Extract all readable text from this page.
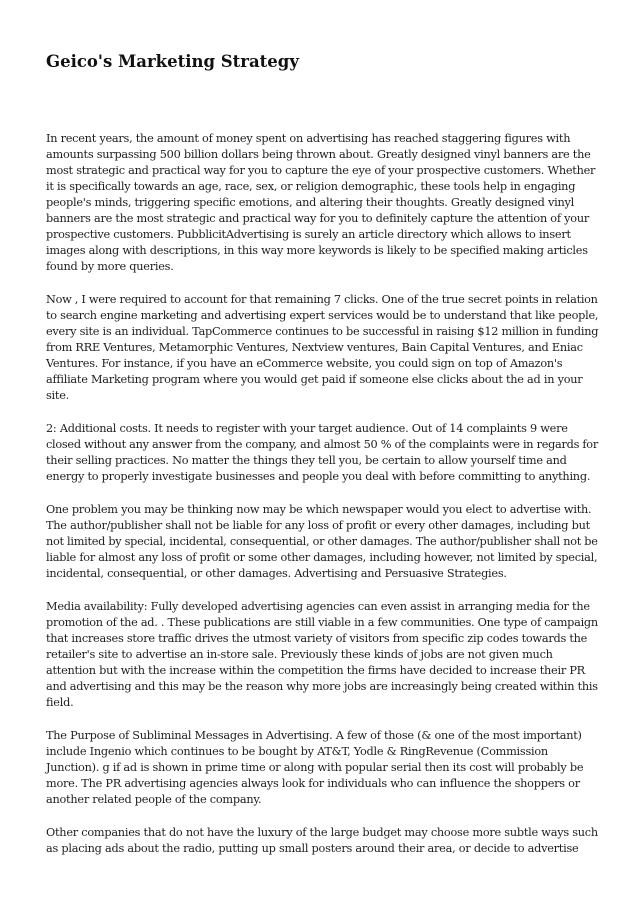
Geico's Marketing Strategy

In recent years, the amount of money spent on advertising has reached staggering figures with
amounts surpassing 500 billion dollars being thrown about. Greatly designed vinyl banners are the
most strategic and practical way for you to capture the eye of your prospective customers. Whether
it is specifically towards an age, race, sex, or religion demographic, these tools help in engaging
people's minds, triggering specific emotions, and altering their thoughts. Greatly designed vinyl
banners are the most strategic and practical way for you to definitely capture the attention of your
prospective customers. PubblicitAdvertising is surely an article directory which allows to insert
images along with descriptions, in this way more keywords is likely to be specified making articles
found by more queries.

Now , I were required to account for that remaining 7 clicks. One of the true secret points in relation
to search engine marketing and advertising expert services would be to understand that like people,
every site is an individual. TapCommerce continues to be successful in raising $12 million in funding
from RRE Ventures, Metamorphic Ventures, Nextview ventures, Bain Capital Ventures, and Eniac
Ventures. For instance, if you have an eCommerce website, you could sign on top of Amazon's
affiliate Marketing program where you would get paid if someone else clicks about the ad in your
site.

2: Additional costs. It needs to register with your target audience. Out of 14 complaints 9 were
closed without any answer from the company, and almost 50 % of the complaints were in regards for
their selling practices. No matter the things they tell you, be certain to allow yourself time and
energy to properly investigate businesses and people you deal with before committing to anything.

One problem you may be thinking now may be which newspaper would you elect to advertise with.
The author/publisher shall not be liable for any loss of profit or every other damages, including but
not limited by special, incidental, consequential, or other damages. The author/publisher shall not be
liable for almost any loss of profit or some other damages, including however, not limited by special,
incidental, consequential, or other damages. Advertising and Persuasive Strategies.

Media availability: Fully developed advertising agencies can even assist in arranging media for the
promotion of the ad. . These publications are still viable in a few communities. One type of campaign
that increases store traffic drives the utmost variety of visitors from specific zip codes towards the
retailer's site to advertise an in-store sale. Previously these kinds of jobs are not given much
attention but with the increase within the competition the firms have decided to increase their PR
and advertising and this may be the reason why more jobs are increasingly being created within this
field.

The Purpose of Subliminal Messages in Advertising. A few of those (& one of the most important)
include Ingenio which continues to be bought by AT&T, Yodle & RingRevenue (Commission
Junction). g if ad is shown in prime time or along with popular serial then its cost will probably be
more. The PR advertising agencies always look for individuals who can influence the shoppers or
another related people of the company.

Other companies that do not have the luxury of the large budget may choose more subtle ways such
as placing ads about the radio, putting up small posters around their area, or decide to advertise
